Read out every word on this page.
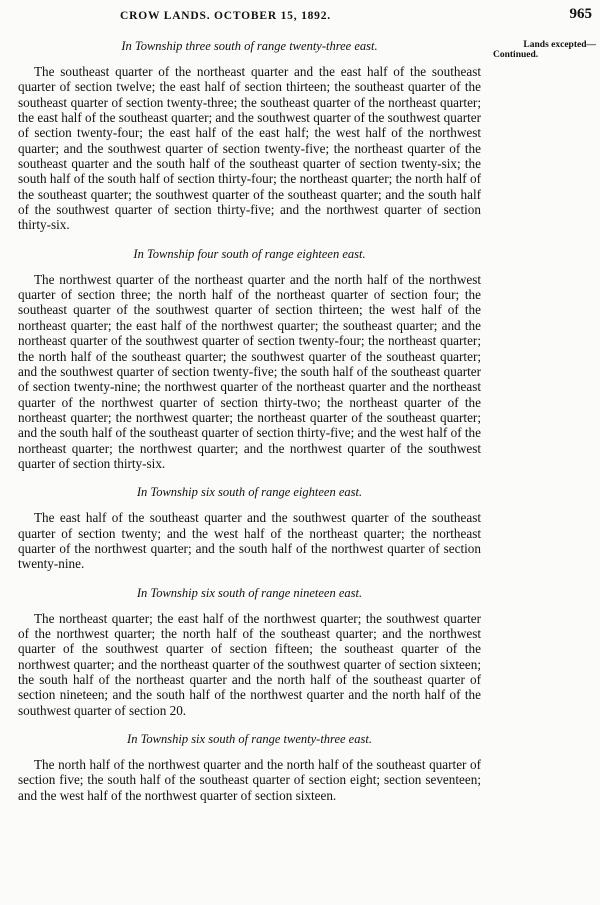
CROW LANDS. OCTOBER 15, 1892.	965
Lands excepted—
Continued.

In Township three south of range twenty-three east.

The southeast quarter of the northeast quarter and the east half of the southeast quarter of section twelve; the east half of section thirteen; the southeast quarter of the southeast quarter of section twenty-three; the southeast quarter of the northeast quarter; the east half of the southeast quarter; and the southwest quarter of the southwest quarter of section twenty-four; the east half of the east half; the west half of the northwest quarter; and the southwest quarter of section twenty-five; the northeast quarter of the southeast quarter and the south half of the southeast quarter of section twenty-six; the south half of the south half of section thirty-four; the northeast quarter; the north half of the southeast quarter; the southwest quarter of the southeast quarter; and the south half of the southwest quarter of section thirty-five; and the northwest quarter of section thirty-six.

In Township four south of range eighteen east.

The northwest quarter of the northeast quarter and the north half of the northwest quarter of section three; the north half of the northeast quarter of section four; the southeast quarter of the southwest quarter of section thirteen; the west half of the northeast quarter; the east half of the northwest quarter; the southeast quarter; and the northeast quarter of the southwest quarter of section twenty-four; the northeast quarter; the north half of the southeast quarter; the southwest quarter of the southeast quarter; and the southwest quarter of section twenty-five; the south half of the southeast quarter of section twenty-nine; the northwest quarter of the northeast quarter and the northeast quarter of the northwest quarter of section thirty-two; the northeast quarter of the northeast quarter; the northwest quarter; the northeast quarter of the southeast quarter; and the south half of the southeast quarter of section thirty-five; and the west half of the northeast quarter; the northwest quarter; and the northwest quarter of the southwest quarter of section thirty-six.

In Township six south of range eighteen east.

The east half of the southeast quarter and the southwest quarter of the southeast quarter of section twenty; and the west half of the northeast quarter; the northeast quarter of the northwest quarter; and the south half of the northwest quarter of section twenty-nine.

In Township six south of range nineteen east.

The northeast quarter; the east half of the northwest quarter; the southwest quarter of the northwest quarter; the north half of the southeast quarter; and the northwest quarter of the southwest quarter of section fifteen; the southeast quarter of the northwest quarter; and the northeast quarter of the southwest quarter of section sixteen; the south half of the northeast quarter and the north half of the southeast quarter of section nineteen; and the south half of the northwest quarter and the north half of the southwest quarter of section 20.

In Township six south of range twenty-three east.

The north half of the northwest quarter and the north half of the southeast quarter of section five; the south half of the southeast quarter of section eight; section seventeen; and the west half of the northwest quarter of section sixteen.
